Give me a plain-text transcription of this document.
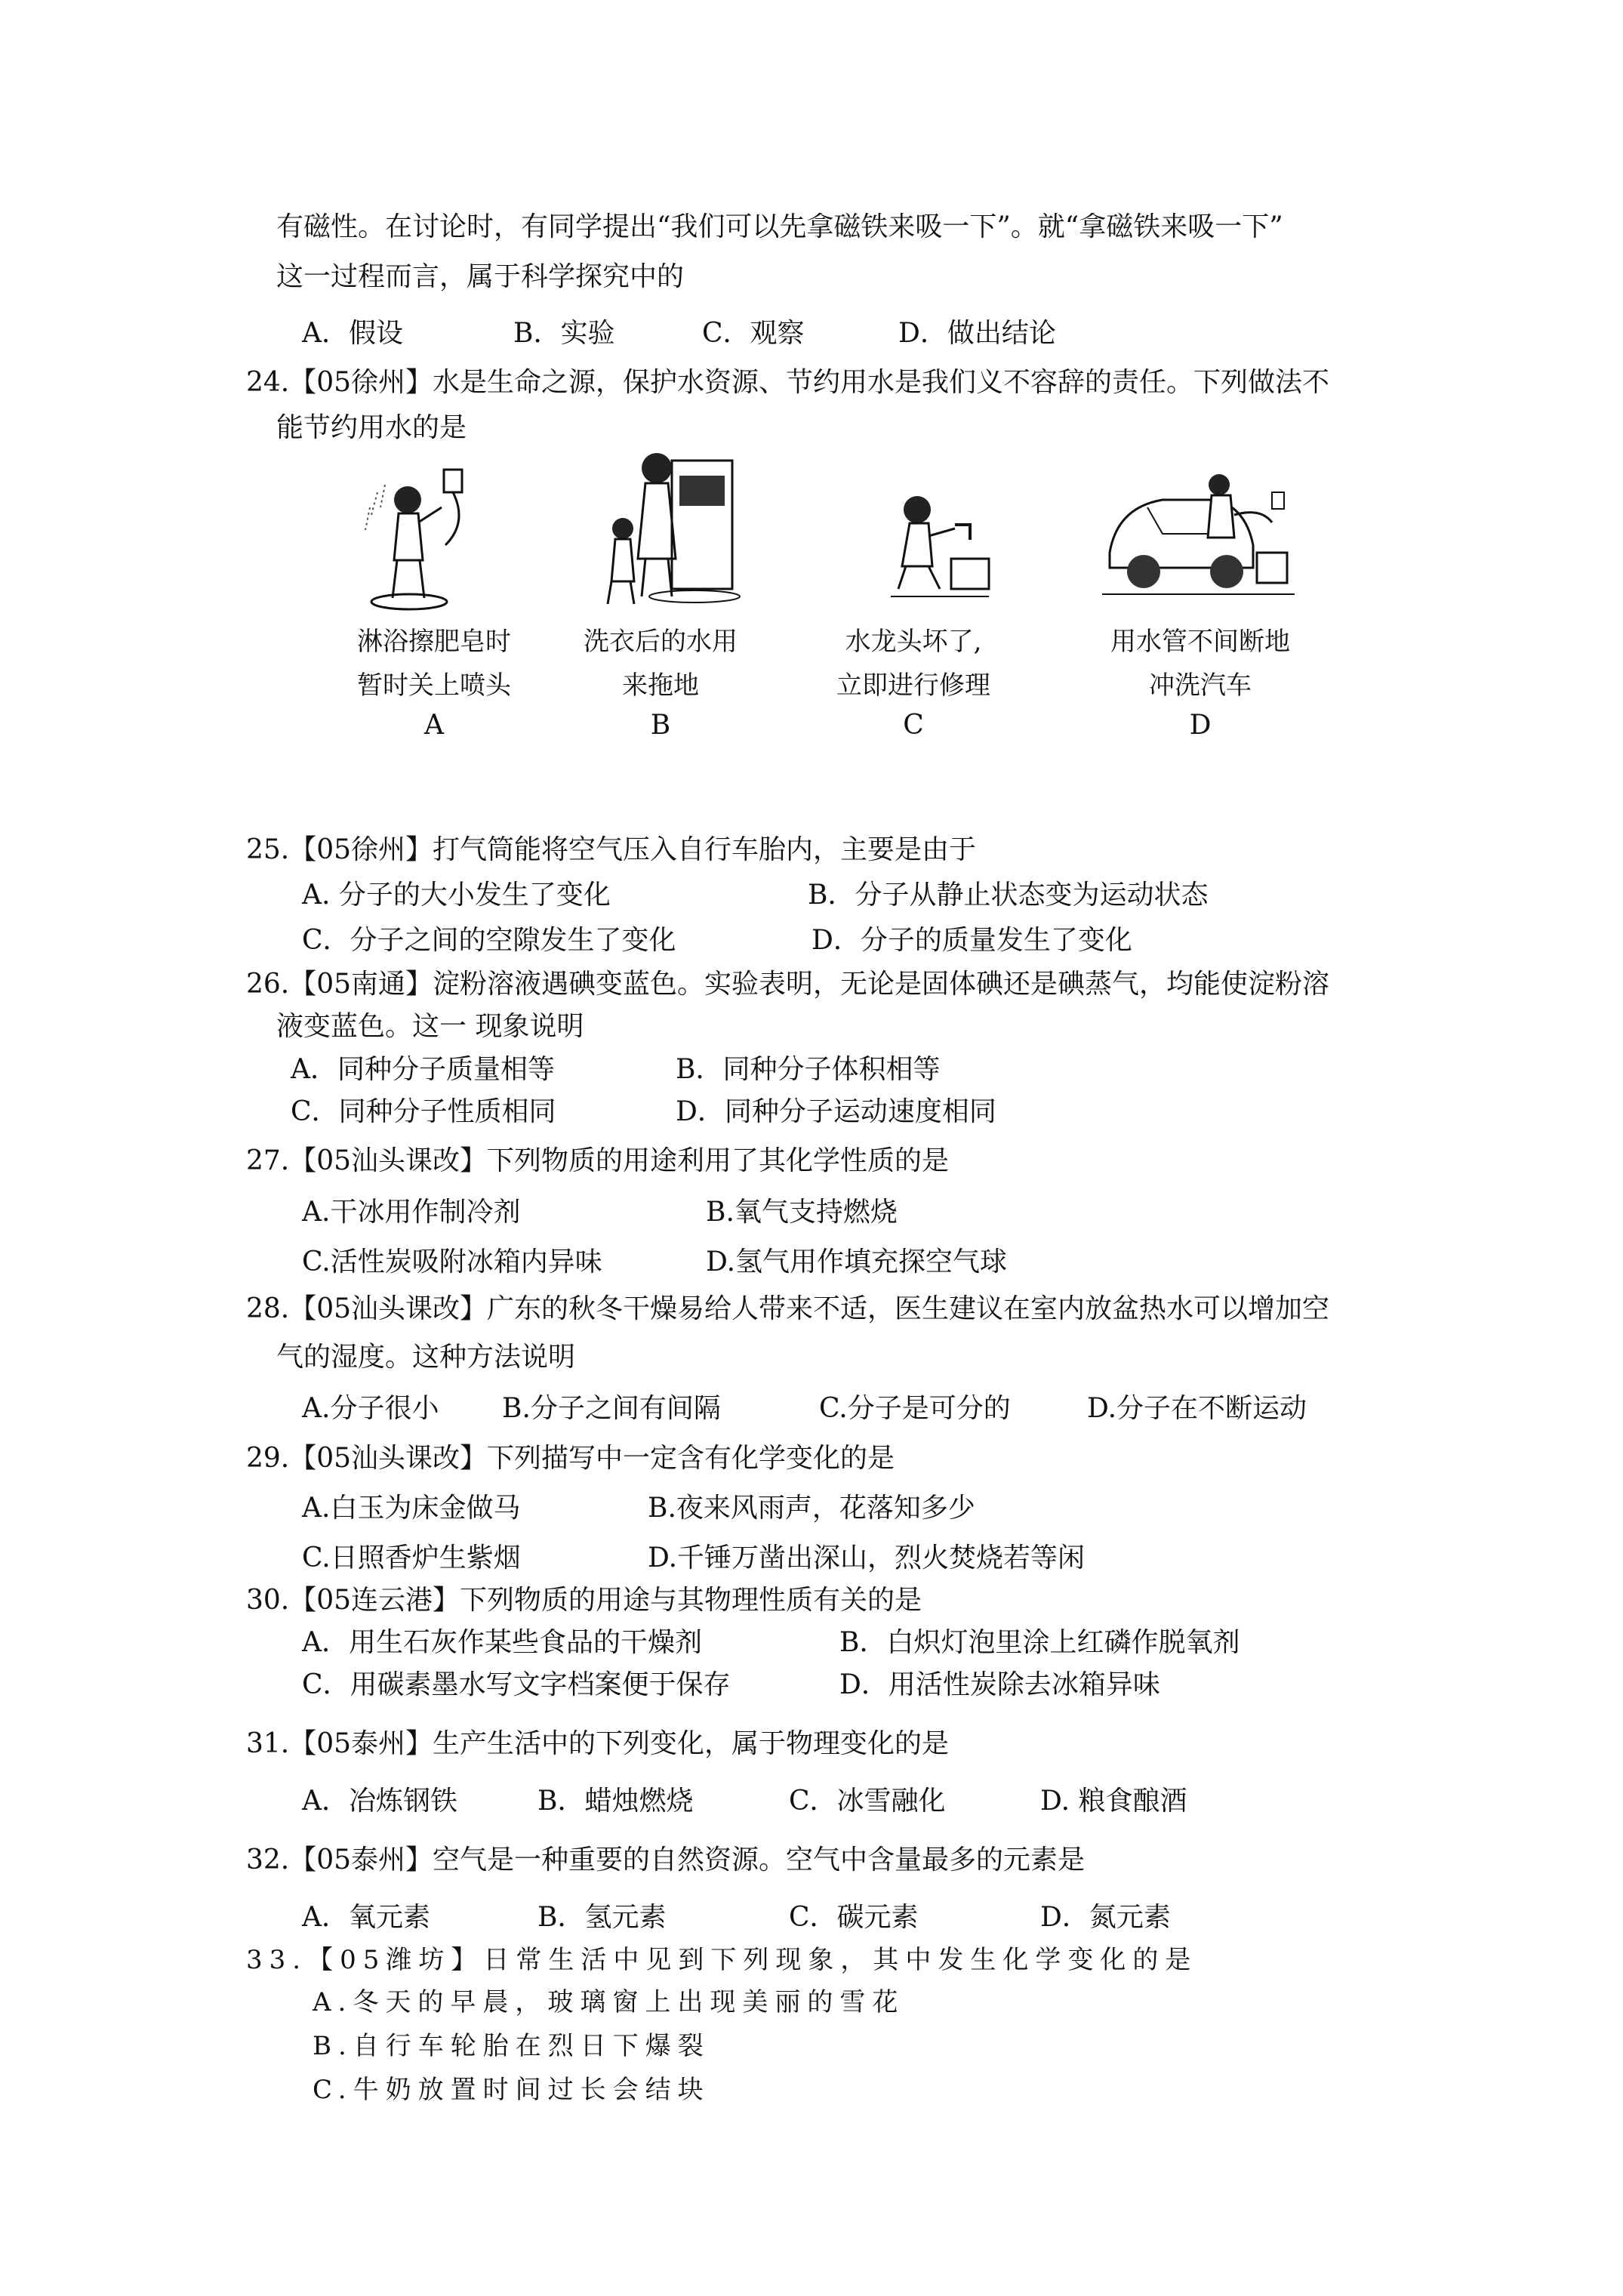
有磁性。在讨论时，有同学提出“我们可以先拿磁铁来吸一下”。就“拿磁铁来吸一下”
这一过程而言，属于科学探究中的
A．假设	B．实验	C．观察	D．做出结论
24.【05徐州】水是生命之源，保护水资源、节约用水是我们义不容辞的责任。下列做法不
能节约用水的是
淋浴擦肥皂时
暂时关上喷头
A
洗衣后的水用
来拖地
B
水龙头坏了,
立即进行修理
C
用水管不间断地
冲洗汽车
D
25.【05徐州】打气筒能将空气压入自行车胎内，主要是由于
A. 分子的大小发生了变化	B．分子从静止状态变为运动状态
C．分子之间的空隙发生了变化	D．分子的质量发生了变化
26.【05南通】淀粉溶液遇碘变蓝色。实验表明，无论是固体碘还是碘蒸气，均能使淀粉溶
液变蓝色。这一 现象说明
A．同种分子质量相等	B．同种分子体积相等
C．同种分子性质相同	D．同种分子运动速度相同
27.【05汕头课改】下列物质的用途利用了其化学性质的是
A.干冰用作制冷剂	B.氧气支持燃烧
C.活性炭吸附冰箱内异味	D.氢气用作填充探空气球
28.【05汕头课改】广东的秋冬干燥易给人带来不适，医生建议在室内放盆热水可以增加空
气的湿度。这种方法说明
A.分子很小 B.分子之间有间隔	C.分子是可分的	D.分子在不断运动
29.【05汕头课改】下列描写中一定含有化学变化的是
A.白玉为床金做马	B.夜来风雨声，花落知多少
C.日照香炉生紫烟	D.千锤万凿出深山，烈火焚烧若等闲
30.【05连云港】下列物质的用途与其物理性质有关的是
A．用生石灰作某些食品的干燥剂	B．白炽灯泡里涂上红磷作脱氧剂
C．用碳素墨水写文字档案便于保存	D．用活性炭除去冰箱异味
31.【05泰州】生产生活中的下列变化，属于物理变化的是
A．冶炼钢铁	B．蜡烛燃烧	C．冰雪融化	D. 粮食酿酒
32.【05泰州】空气是一种重要的自然资源。空气中含量最多的元素是
A．氧元素	B．氢元素	C．碳元素	D．氮元素
33.【05潍坊】日常生活中见到下列现象，其中发生化学变化的是
A.冬天的早晨，玻璃窗上出现美丽的雪花
B.自行车轮胎在烈日下爆裂
C.牛奶放置时间过长会结块
